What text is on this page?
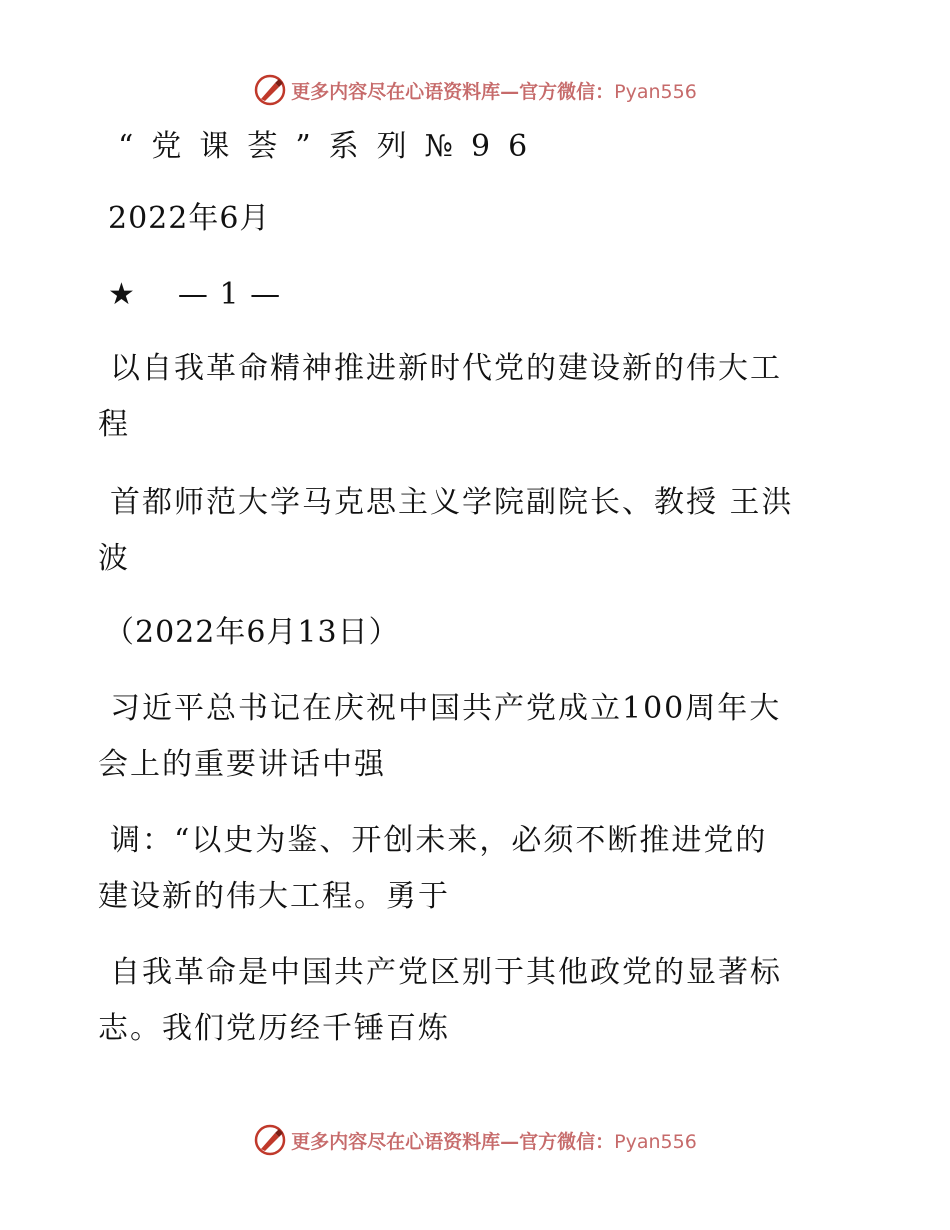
更多内容尽在心语资料库—官方微信：Pyan556
“党课荟”系列№96
2022年6月
★ — 1 —
以自我革命精神推进新时代党的建设新的伟大工
程
首都师范大学马克思主义学院副院长、教授 王洪
波
（2022年6月13日）
习近平总书记在庆祝中国共产党成立100周年大
会上的重要讲话中强
调：“以史为鉴、开创未来，必须不断推进党的
建设新的伟大工程。勇于
自我革命是中国共产党区别于其他政党的显著标
志。我们党历经千锤百炼
更多内容尽在心语资料库—官方微信：Pyan556
